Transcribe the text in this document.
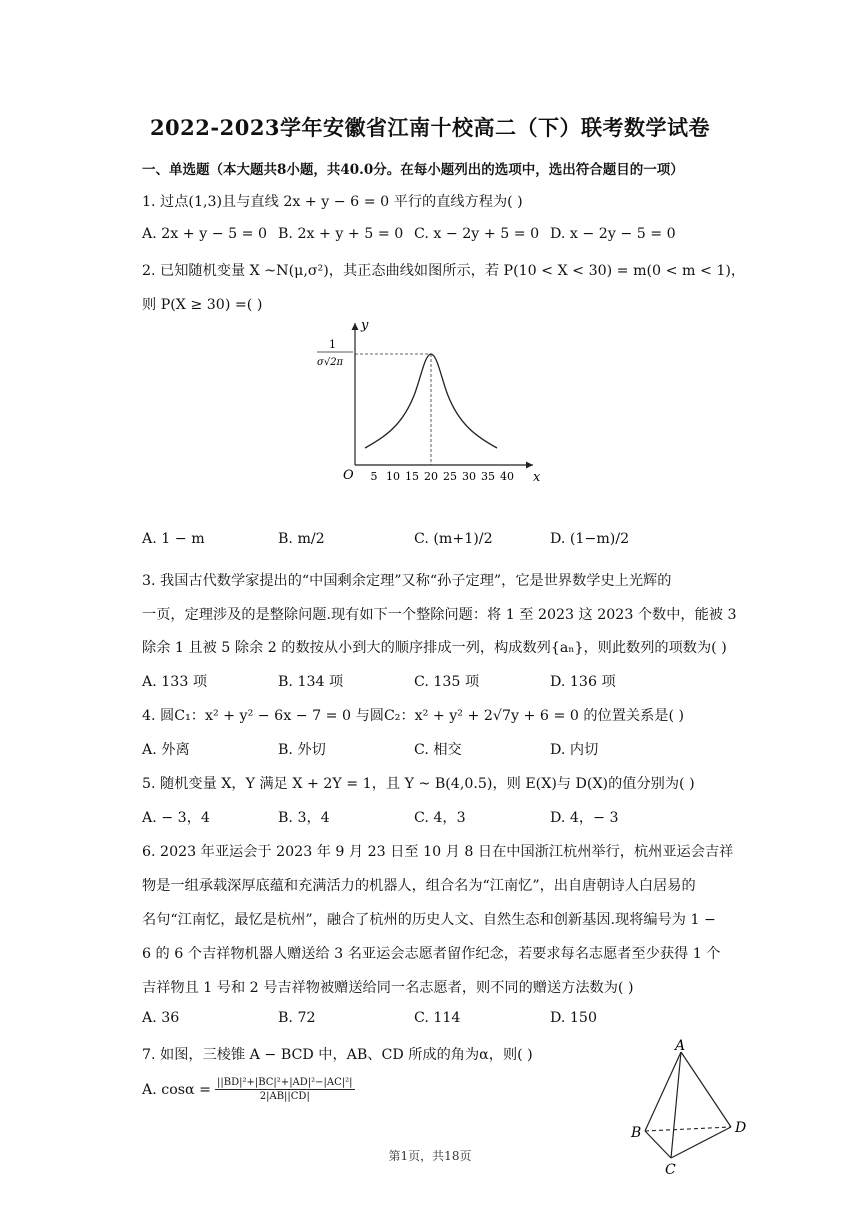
2022-2023学年安徽省江南十校高二（下）联考数学试卷
一、单选题（本大题共8小题，共40.0分。在每小题列出的选项中，选出符合题目的一项）
1. 过点(1,3)且与直线 2x + y − 6 = 0 平行的直线方程为( )
A. 2x + y − 5 = 0 B. 2x + y + 5 = 0 C. x − 2y + 5 = 0 D. x − 2y − 5 = 0
2. 已知随机变量 X ~N(μ,σ²)，其正态曲线如图所示，若 P(10 < X < 30) = m(0 < m < 1)，
则 P(X ≥ 30) =( )
y
x
O
1
σ√2π
5 10 15 20 25 30 35 40
A. 1 − m	B. m/2	C. (m+1)/2	D. (1−m)/2
3. 我国古代数学家提出的“中国剩余定理”又称“孙子定理”，它是世界数学史上光辉的
一页，定理涉及的是整除问题.现有如下一个整除问题：将 1 至 2023 这 2023 个数中，能被 3
除余 1 且被 5 除余 2 的数按从小到大的顺序排成一列，构成数列{aₙ}，则此数列的项数为( )
A. 133 项	B. 134 项	C. 135 项	D. 136 项
4. 圆C₁：x² + y² − 6x − 7 = 0 与圆C₂：x² + y² + 2√7y + 6 = 0 的位置关系是( )
A. 外离	B. 外切	C. 相交	D. 内切
5. 随机变量 X，Y 满足 X + 2Y = 1，且 Y ~ B(4,0.5)，则 E(X)与 D(X)的值分别为( )
A. − 3，4	B. 3，4	C. 4，3	D. 4，− 3
6. 2023 年亚运会于 2023 年 9 月 23 日至 10 月 8 日在中国浙江杭州举行，杭州亚运会吉祥
物是一组承载深厚底蕴和充满活力的机器人，组合名为“江南忆”，出自唐朝诗人白居易的
名句“江南忆，最忆是杭州”，融合了杭州的历史人文、自然生态和创新基因.现将编号为 1 −
6 的 6 个吉祥物机器人赠送给 3 名亚运会志愿者留作纪念，若要求每名志愿者至少获得 1 个
吉祥物且 1 号和 2 号吉祥物被赠送给同一名志愿者，则不同的赠送方法数为( )
A. 36	B. 72	C. 114	D. 150
7. 如图，三棱锥 A − BCD 中，AB、CD 所成的角为α，则( )
A. $\cos\alpha = \frac{\text{||BD|²+|BC|²+|AD|²−|AC|²|}}{2|AB||CD|}$
A
B
C
D
第1页，共18页
